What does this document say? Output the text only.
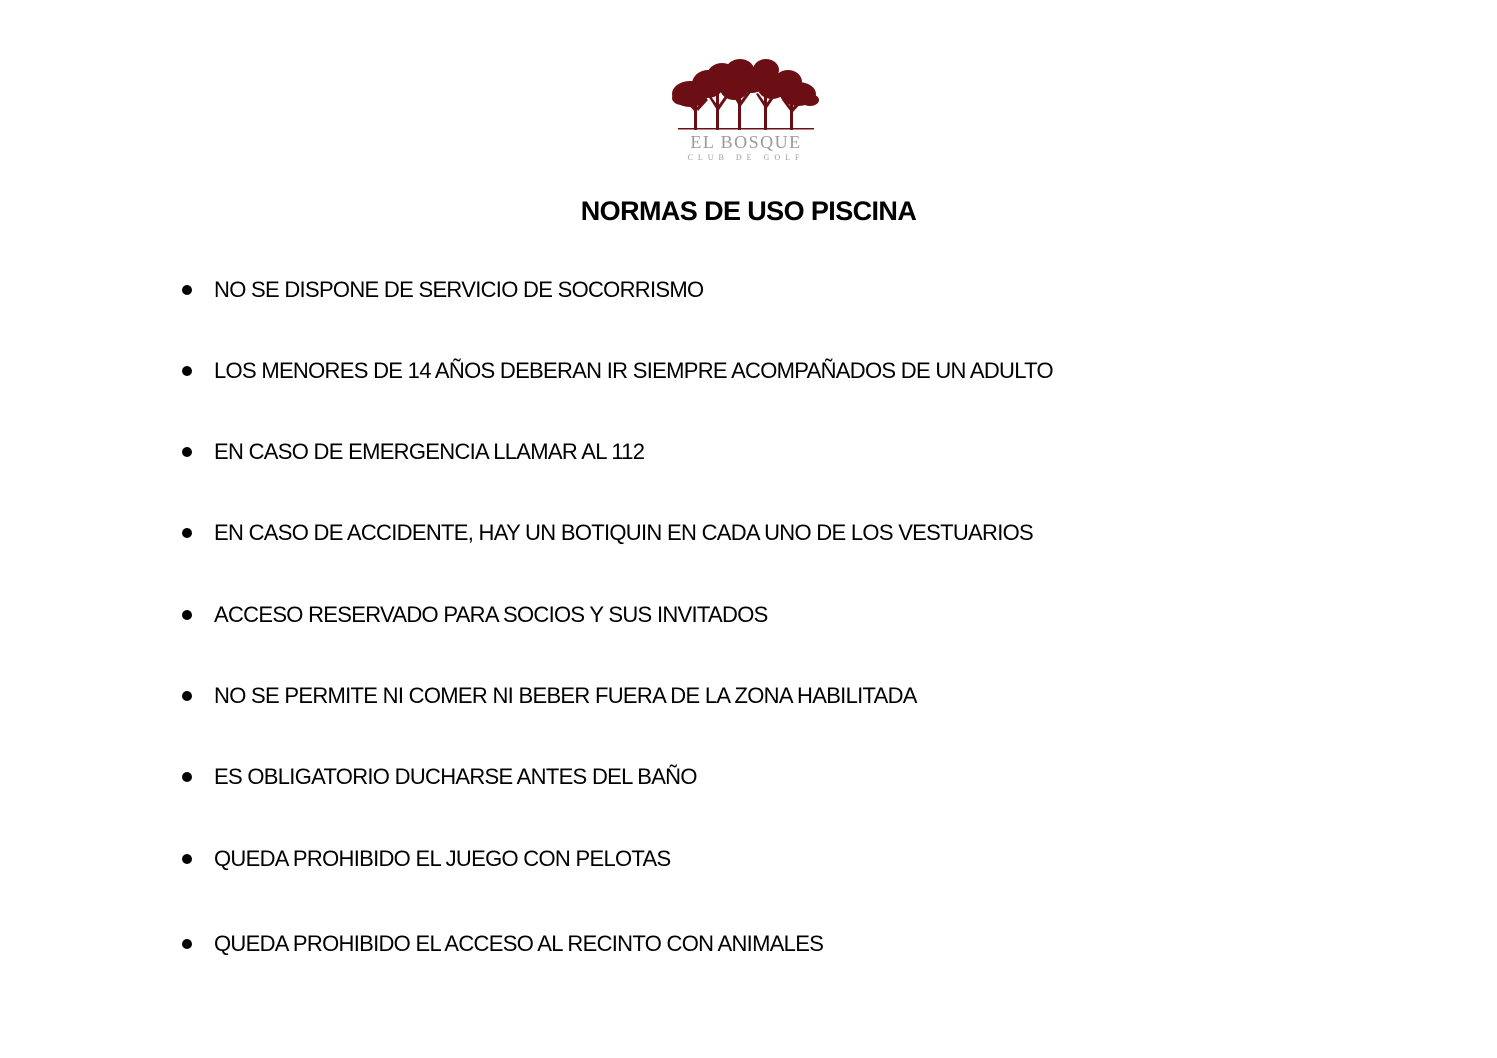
EL BOSQUE
CLUB DE GOLF
NORMAS DE USO PISCINA
NO SE DISPONE DE SERVICIO DE SOCORRISMO
LOS MENORES DE 14 AÑOS DEBERAN IR SIEMPRE ACOMPAÑADOS DE UN ADULTO
EN CASO DE EMERGENCIA LLAMAR AL 112
EN CASO DE ACCIDENTE, HAY UN BOTIQUIN EN CADA UNO DE LOS VESTUARIOS
ACCESO RESERVADO PARA SOCIOS Y SUS INVITADOS
NO SE PERMITE NI COMER NI BEBER FUERA DE LA ZONA HABILITADA
ES OBLIGATORIO DUCHARSE ANTES DEL BAÑO
QUEDA PROHIBIDO EL JUEGO CON PELOTAS
QUEDA PROHIBIDO EL ACCESO AL RECINTO CON ANIMALES
